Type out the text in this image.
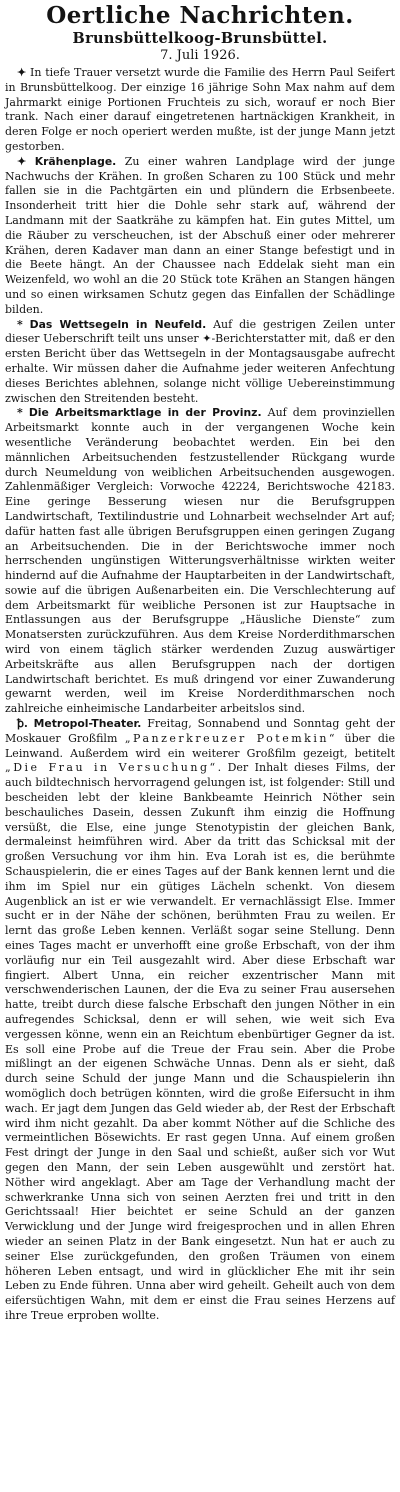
Oertliche Nachrichten.
Brunsbüttelkoog-Brunsbüttel.
7. Juli 1926.

✦ In tiefe Trauer versetzt wurde die Familie des Herrn Paul Seifert in Brunsbüttelkoog. Der einzige 16 jährige Sohn Max nahm auf dem Jahrmarkt einige Portionen Fruchteis zu sich, worauf er noch Bier trank. Nach einer darauf eingetretenen hartnäckigen Krankheit, in deren Folge er noch operiert werden mußte, ist der junge Mann jetzt gestorben.

✦ Krähenplage. Zu einer wahren Landplage wird der junge Nachwuchs der Krähen. In großen Scharen zu 100 Stück und mehr fallen sie in die Pachtgärten ein und plündern die Erbsenbeete. Insonderheit tritt hier die Dohle sehr stark auf, während der Landmann mit der Saatkrähe zu kämpfen hat. Ein gutes Mittel, um die Räuber zu verscheuchen, ist der Abschuß einer oder mehrerer Krähen, deren Kadaver man dann an einer Stange befestigt und in die Beete hängt. An der Chaussee nach Eddelak sieht man ein Weizenfeld, wo wohl an die 20 Stück tote Krähen an Stangen hängen und so einen wirksamen Schutz gegen das Einfallen der Schädlinge bilden.

* Das Wettsegeln in Neufeld. Auf die gestrigen Zeilen unter dieser Ueberschrift teilt uns unser ✦-Berichterstatter mit, daß er den ersten Bericht über das Wettsegeln in der Montagsausgabe aufrecht erhalte. Wir müssen daher die Aufnahme jeder weiteren Anfechtung dieses Berichtes ablehnen, solange nicht völlige Uebereinstimmung zwischen den Streitenden besteht.

* Die Arbeitsmarktlage in der Provinz. Auf dem provinziellen Arbeitsmarkt konnte auch in der vergangenen Woche kein wesentliche Veränderung beobachtet werden. Ein bei den männlichen Arbeitsuchenden festzustellender Rückgang wurde durch Neumeldung von weiblichen Arbeitsuchenden ausgewogen. Zahlenmäßiger Vergleich: Vorwoche 42224, Berichtswoche 42183. Eine geringe Besserung wiesen nur die Berufsgruppen Landwirtschaft, Textilindustrie und Lohnarbeit wechselnder Art auf; dafür hatten fast alle übrigen Berufsgruppen einen geringen Zugang an Arbeitsuchenden. Die in der Berichtswoche immer noch herrschenden ungünstigen Witterungsverhältnisse wirkten weiter hindernd auf die Aufnahme der Hauptarbeiten in der Landwirtschaft, sowie auf die übrigen Außenarbeiten ein. Die Verschlechterung auf dem Arbeitsmarkt für weibliche Personen ist zur Hauptsache in Entlassungen aus der Berufsgruppe „Häusliche Dienste“ zum Monatsersten zurückzuführen. Aus dem Kreise Norderdithmarschen wird von einem täglich stärker werdenden Zuzug auswärtiger Arbeitskräfte aus allen Berufsgruppen nach der dortigen Landwirtschaft berichtet. Es muß dringend vor einer Zuwanderung gewarnt werden, weil im Kreise Norderdithmarschen noch zahlreiche einheimische Landarbeiter arbeitslos sind.

ꝥ. Metropol-Theater. Freitag, Sonnabend und Sonntag geht der Moskauer Großfilm „Panzerkreuzer Potemkin“ über die Leinwand. Außerdem wird ein weiterer Großfilm gezeigt, betitelt „Die Frau in Versuchung“. Der Inhalt dieses Films, der auch bildtechnisch hervorragend gelungen ist, ist folgender: Still und bescheiden lebt der kleine Bankbeamte Heinrich Nöther sein beschauliches Dasein, dessen Zukunft ihm einzig die Hoffnung versüßt, die Else, eine junge Stenotypistin der gleichen Bank, dermaleinst heimführen wird. Aber da tritt das Schicksal mit der großen Versuchung vor ihm hin. Eva Lorah ist es, die berühmte Schauspielerin, die er eines Tages auf der Bank kennen lernt und die ihm im Spiel nur ein gütiges Lächeln schenkt. Von diesem Augenblick an ist er wie verwandelt. Er vernachlässigt Else. Immer sucht er in der Nähe der schönen, berühmten Frau zu weilen. Er lernt das große Leben kennen. Verläßt sogar seine Stellung. Denn eines Tages macht er unverhofft eine große Erbschaft, von der ihm vorläufig nur ein Teil ausgezahlt wird. Aber diese Erbschaft war fingiert. Albert Unna, ein reicher exzentrischer Mann mit verschwenderischen Launen, der die Eva zu seiner Frau ausersehen hatte, treibt durch diese falsche Erbschaft den jungen Nöther in ein aufregendes Schicksal, denn er will sehen, wie weit sich Eva vergessen könne, wenn ein an Reichtum ebenbürtiger Gegner da ist. Es soll eine Probe auf die Treue der Frau sein. Aber die Probe mißlingt an der eigenen Schwäche Unnas. Denn als er sieht, daß durch seine Schuld der junge Mann und die Schauspielerin ihn womöglich doch betrügen könnten, wird die große Eifersucht in ihm wach. Er jagt dem Jungen das Geld wieder ab, der Rest der Erbschaft wird ihm nicht gezahlt. Da aber kommt Nöther auf die Schliche des vermeintlichen Bösewichts. Er rast gegen Unna. Auf einem großen Fest dringt der Junge in den Saal und schießt, außer sich vor Wut gegen den Mann, der sein Leben ausgewühlt und zerstört hat. Nöther wird angeklagt. Aber am Tage der Verhandlung macht der schwerkranke Unna sich von seinen Aerzten frei und tritt in den Gerichtssaal! Hier beichtet er seine Schuld an der ganzen Verwicklung und der Junge wird freigesprochen und in allen Ehren wieder an seinen Platz in der Bank eingesetzt. Nun hat er auch zu seiner Else zurückgefunden, den großen Träumen von einem höheren Leben entsagt, und wird in glücklicher Ehe mit ihr sein Leben zu Ende führen. Unna aber wird geheilt. Geheilt auch von dem eifersüchtigen Wahn, mit dem er einst die Frau seines Herzens auf ihre Treue erproben wollte.
